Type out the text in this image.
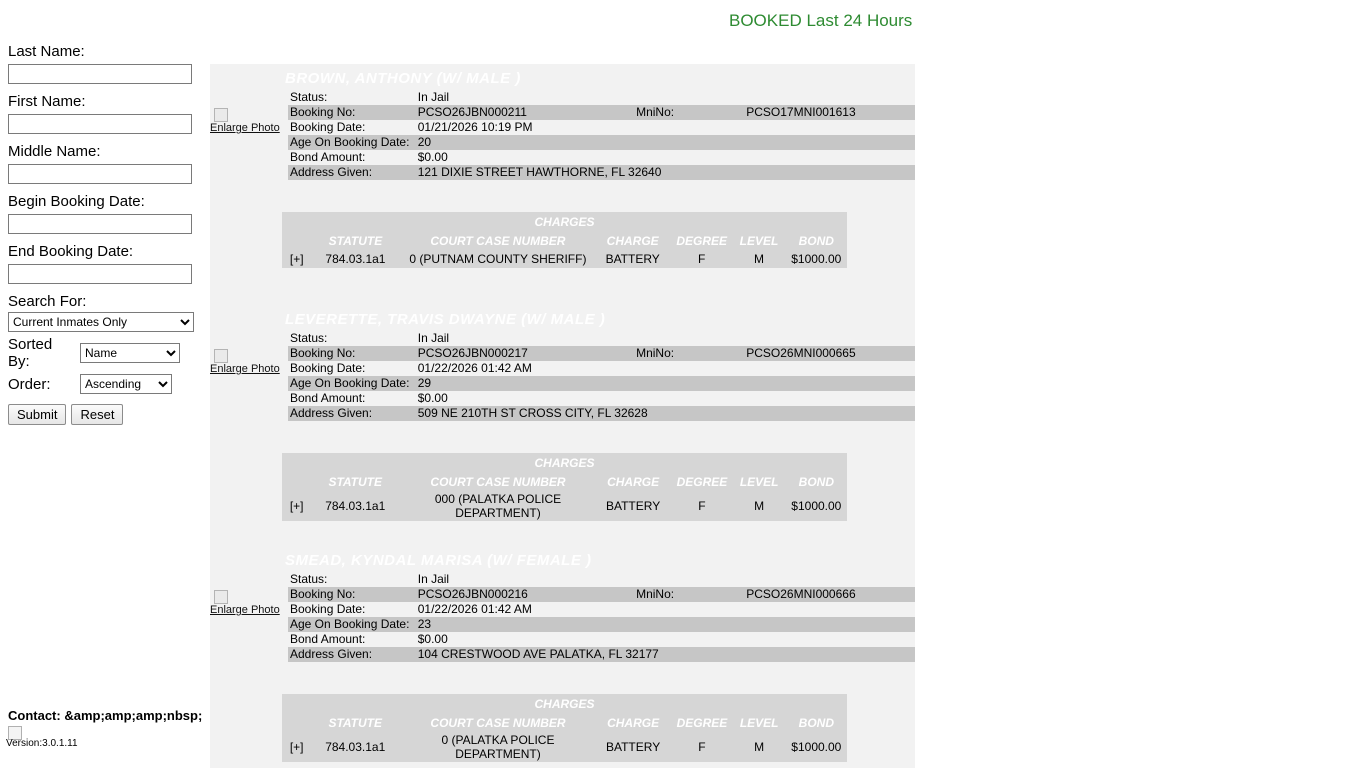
BOOKED Last 24 Hours
Last Name:
First Name:
Middle Name:
Begin Booking Date:
End Booking Date:
Search For:
Current Inmates Only
Sorted By:
Name
Order:
Ascending
Submit	Reset
Contact: &amp;amp;amp;nbsp;
Version:3.0.1.11
BROWN, ANTHONY (W/ MALE )
Enlarge Photo
Status:	In Jail		
Booking No:	PCSO26JBN000211	MniNo:	PCSO17MNI001613
Booking Date:	01/21/2026 10:19 PM		
Age On Booking Date:	20		
Bond Amount:	$0.00		
Address Given:	121 DIXIE STREET HAWTHORNE, FL 32640		
CHARGES						
	STATUTE	COURT CASE NUMBER	CHARGE	DEGREE	LEVEL	BOND
[+]	784.03.1a1	0 (PUTNAM COUNTY SHERIFF)	BATTERY	F	M	$1000.00
LEVERETTE, TRAVIS DWAYNE (W/ MALE )
Enlarge Photo
Status:	In Jail		
Booking No:	PCSO26JBN000217	MniNo:	PCSO26MNI000665
Booking Date:	01/22/2026 01:42 AM		
Age On Booking Date:	29		
Bond Amount:	$0.00		
Address Given:	509 NE 210TH ST CROSS CITY, FL 32628		
CHARGES						
	STATUTE	COURT CASE NUMBER	CHARGE	DEGREE	LEVEL	BOND
[+]	784.03.1a1	000 (PALATKA POLICE DEPARTMENT)	BATTERY	F	M	$1000.00
SMEAD, KYNDAL MARISA (W/ FEMALE )
Enlarge Photo
Status:	In Jail		
Booking No:	PCSO26JBN000216	MniNo:	PCSO26MNI000666
Booking Date:	01/22/2026 01:42 AM		
Age On Booking Date:	23		
Bond Amount:	$0.00		
Address Given:	104 CRESTWOOD AVE PALATKA, FL 32177		
CHARGES						
	STATUTE	COURT CASE NUMBER	CHARGE	DEGREE	LEVEL	BOND
[+]	784.03.1a1	0 (PALATKA POLICE DEPARTMENT)	BATTERY	F	M	$1000.00
